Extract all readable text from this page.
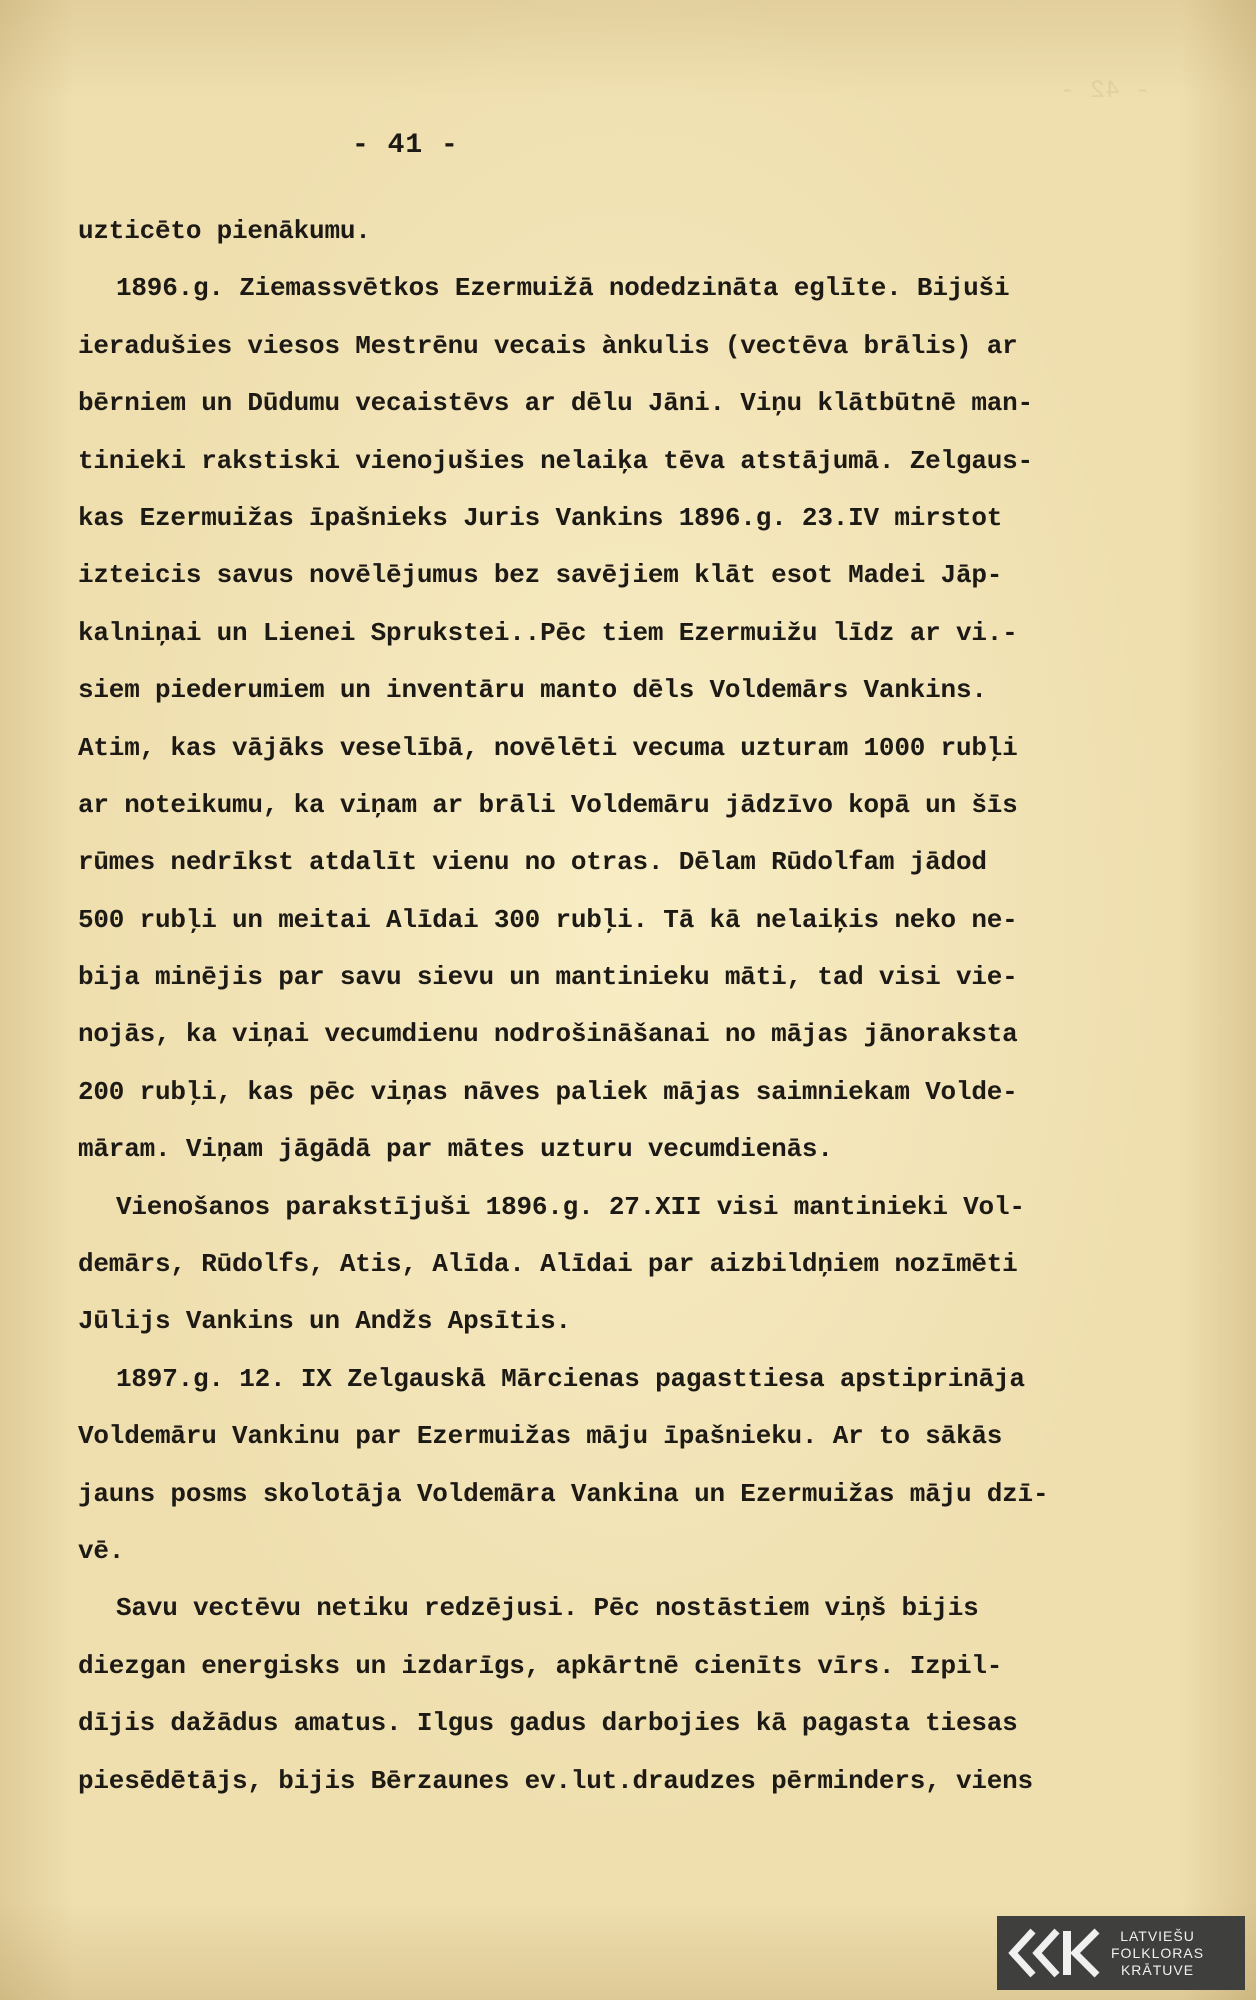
- 42 -
- 41 -
uzticēto pienākumu.
1896.g. Ziemassvētkos Ezermuižā nodedzināta eglīte. Bijuši
ieradušies viesos Mestrēnu vecais ànkulis (vectēva brālis) ar
bērniem un Dūdumu vecaistēvs ar dēlu Jāni. Viņu klātbūtnē man-
tinieki rakstiski vienojušies nelaiķa tēva atstājumā. Zelgaus-
kas Ezermuižas īpašnieks Juris Vankins 1896.g. 23.IV mirstot
izteicis savus novēlējumus bez savējiem klāt esot Madei Jāp-
kalniņai un Lienei Sprukstei..Pēc tiem Ezermuižu līdz ar vi.-
siem piederumiem un inventāru manto dēls Voldemārs Vankins.
Atim, kas vājāks veselībā, novēlēti vecuma uzturam 1000 rubļi
ar noteikumu, ka viņam ar brāli Voldemāru jādzīvo kopā un šīs
rūmes nedrīkst atdalīt vienu no otras. Dēlam Rūdolfam jādod
500 rubļi un meitai Alīdai 300 rubļi. Tā kā nelaiķis neko ne-
bija minējis par savu sievu un mantinieku māti, tad visi vie-
nojās, ka viņai vecumdienu nodrošināšanai no mājas jānoraksta
200 rubļi, kas pēc viņas nāves paliek mājas saimniekam Volde-
māram. Viņam jāgādā par mātes uzturu vecumdienās.
Vienošanos parakstījuši 1896.g. 27.XII visi mantinieki Vol-
demārs, Rūdolfs, Atis, Alīda. Alīdai par aizbildņiem nozīmēti
Jūlijs Vankins un Andžs Apsītis.
1897.g. 12. IX Zelgauskā Mārcienas pagasttiesa apstiprināja
Voldemāru Vankinu par Ezermuižas māju īpašnieku. Ar to sākās
jauns posms skolotāja Voldemāra Vankina un Ezermuižas māju dzī-
vē.
Savu vectēvu netiku redzējusi. Pēc nostāstiem viņš bijis
diezgan energisks un izdarīgs, apkārtnē cienīts vīrs. Izpil-
dījis dažādus amatus. Ilgus gadus darbojies kā pagasta tiesas
piesēdētājs, bijis Bērzaunes ev.lut.draudzes pērminders, viens
LATVIEŠU
FOLKLORAS
KRĀTUVE
